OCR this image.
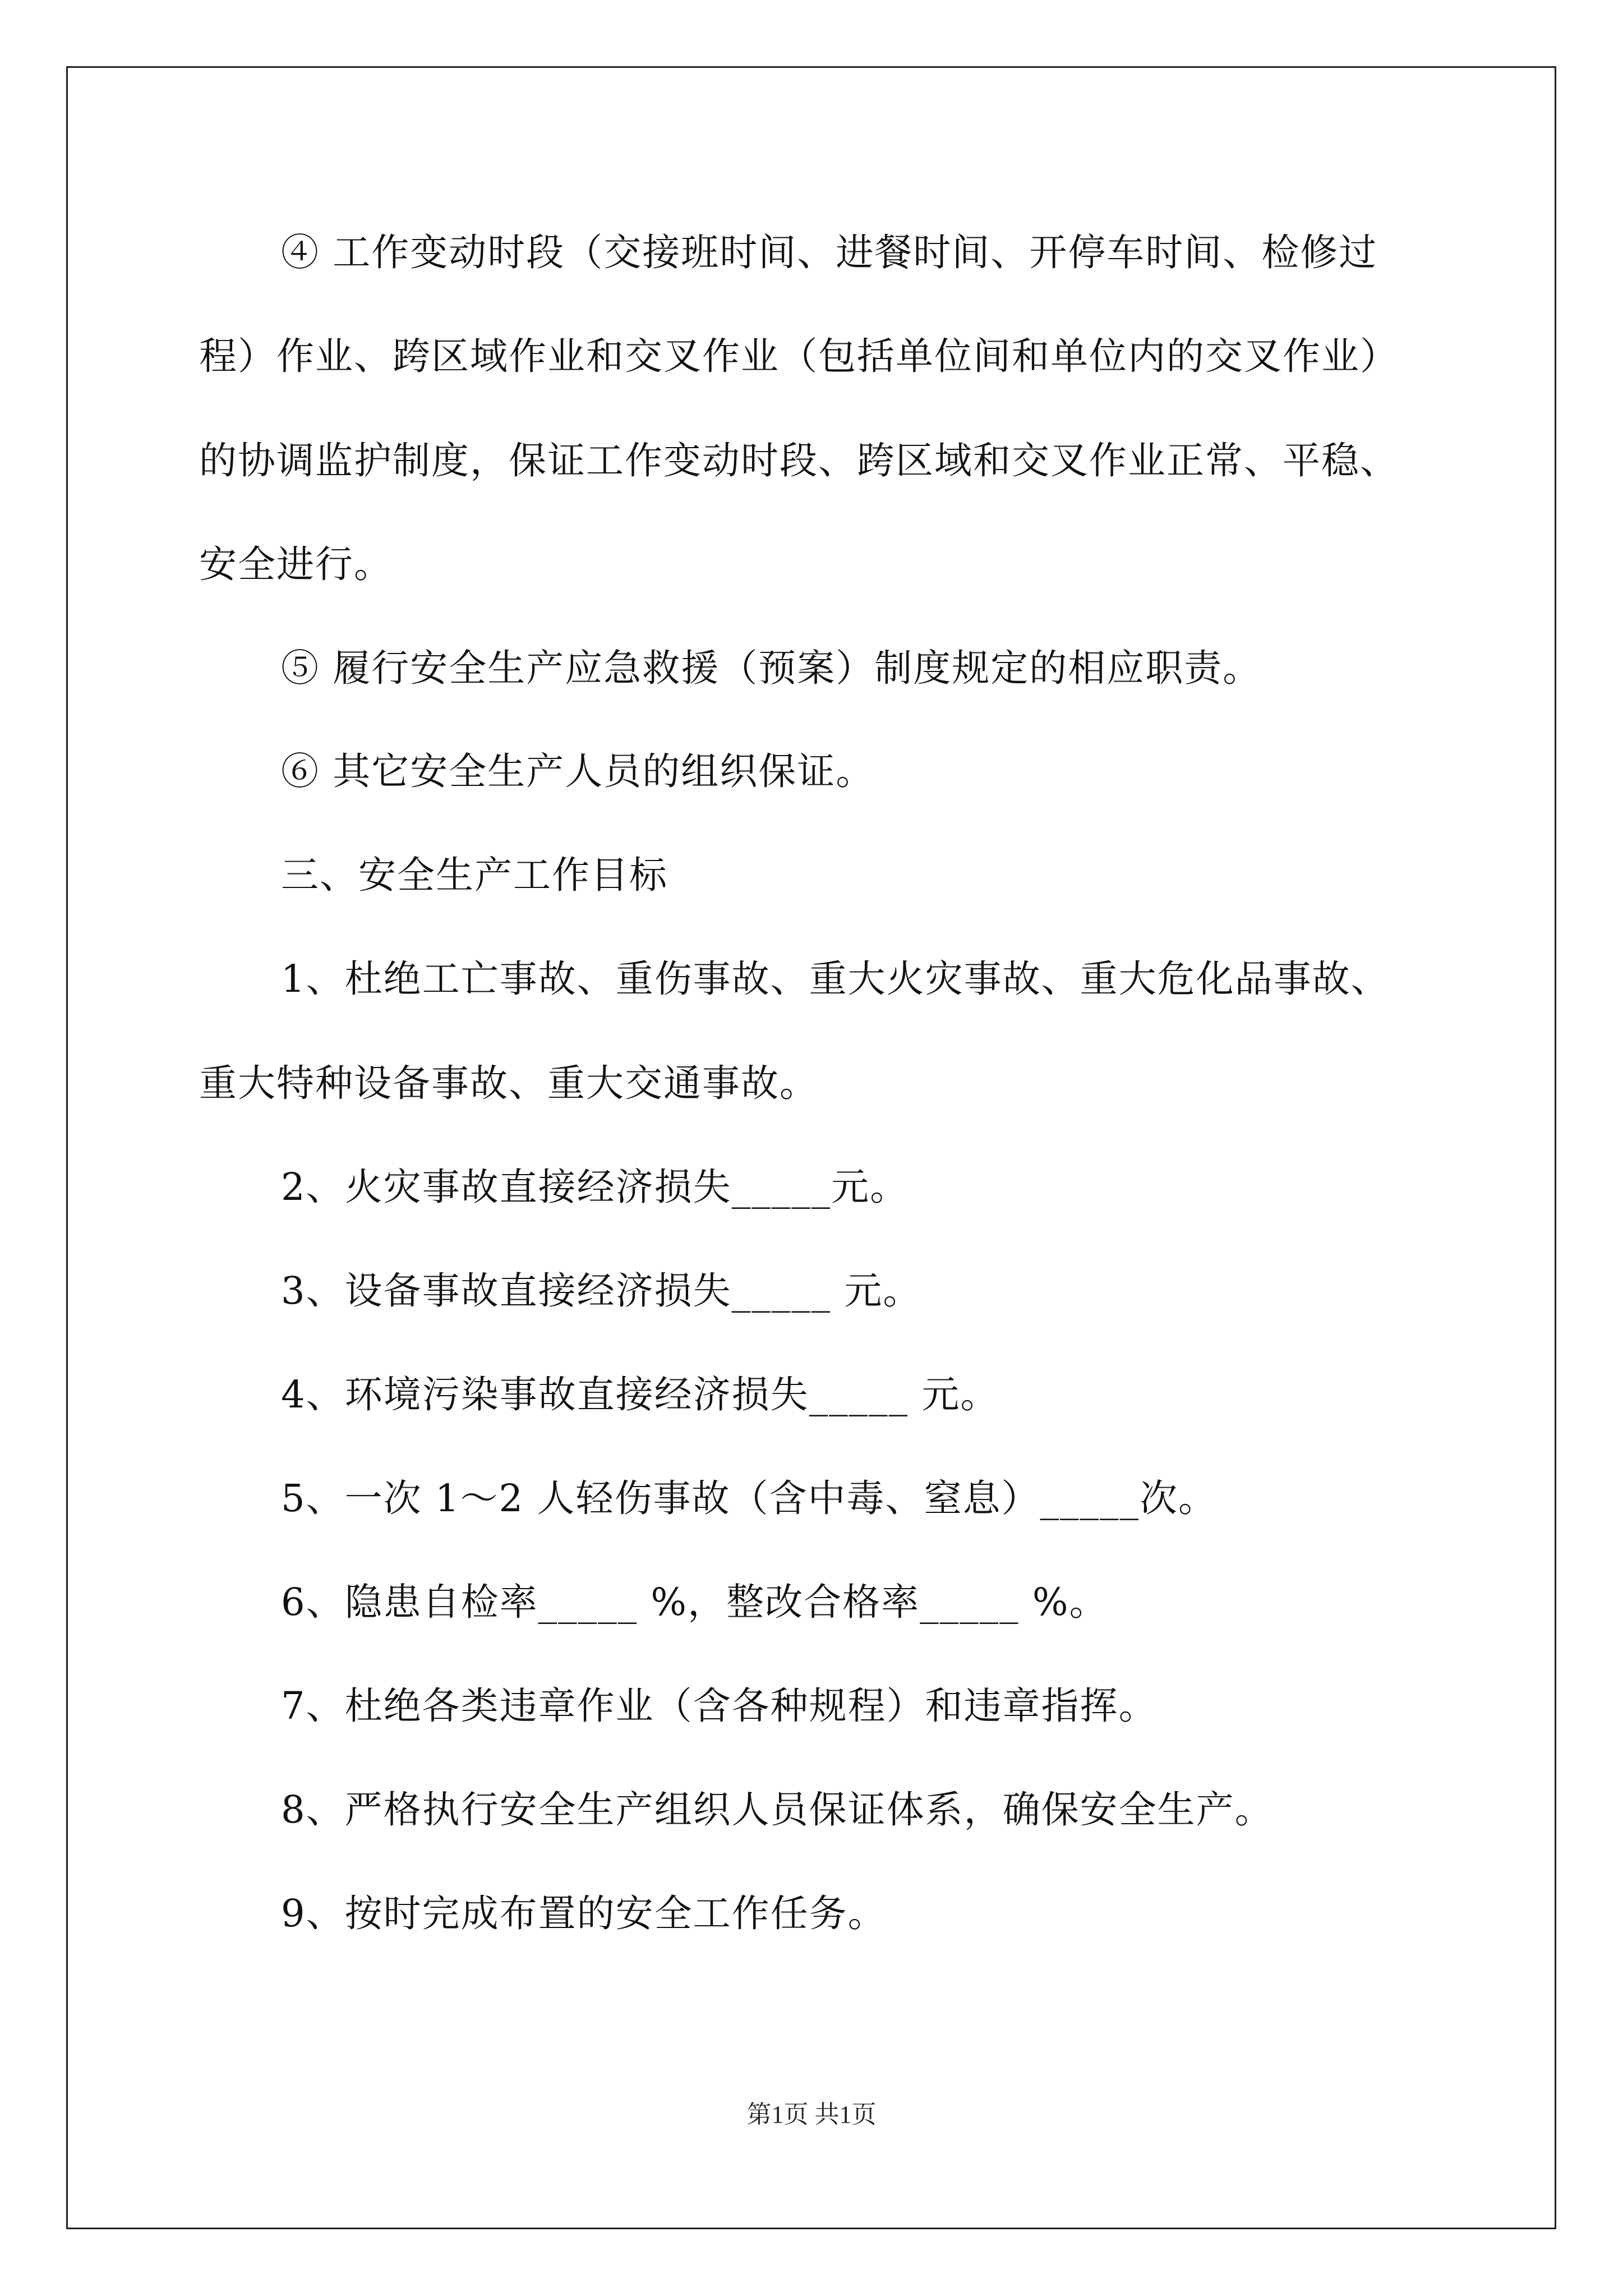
④ 工作变动时段（交接班时间、进餐时间、开停车时间、检修过
程）作业、跨区域作业和交叉作业（包括单位间和单位内的交叉作业）
的协调监护制度，保证工作变动时段、跨区域和交叉作业正常、平稳、
安全进行。
⑤ 履行安全生产应急救援（预案）制度规定的相应职责。
⑥ 其它安全生产人员的组织保证。
三、安全生产工作目标
1、杜绝工亡事故、重伤事故、重大火灾事故、重大危化品事故、
重大特种设备事故、重大交通事故。
2、火灾事故直接经济损失_____元。
3、设备事故直接经济损失_____ 元。
4、环境污染事故直接经济损失_____ 元。
5、一次 1～2 人轻伤事故（含中毒、窒息）_____次。
6、隐患自检率_____ %，整改合格率_____ %。
7、杜绝各类违章作业（含各种规程）和违章指挥。
8、严格执行安全生产组织人员保证体系，确保安全生产。
9、按时完成布置的安全工作任务。
第1页 共1页
